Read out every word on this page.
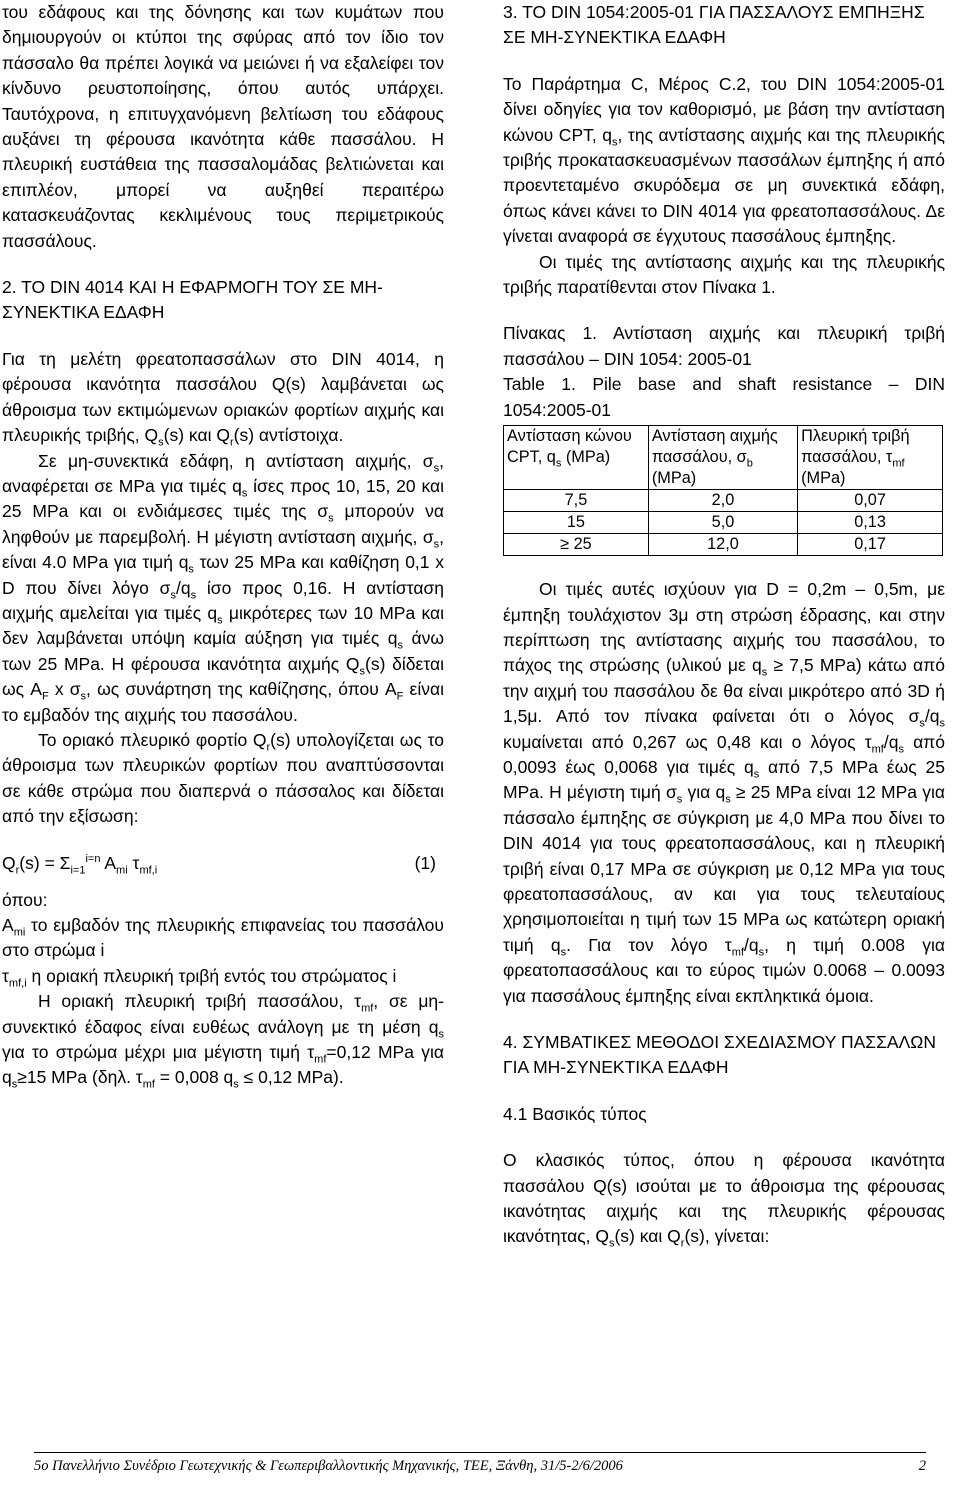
του εδάφους και της δόνησης και των κυμάτων που δημιουργούν οι κτύποι της σφύρας από τον ίδιο τον πάσσαλο θα πρέπει λογικά να μειώνει ή να εξαλείφει τον κίνδυνο ρευστοποίησης, όπου αυτός υπάρχει. Ταυτόχρονα, η επιτυγχανόμενη βελτίωση του εδάφους αυξάνει τη φέρουσα ικανότητα κάθε πασσάλου. Η πλευρική ευστάθεια της πασσαλομάδας βελτιώνεται και επιπλέον, μπορεί να αυξηθεί περαιτέρω κατασκευάζοντας κεκλιμένους τους περιμετρικούς πασσάλους.

2. ΤΟ DIN 4014 ΚΑΙ Η ΕΦΑΡΜΟΓΗ ΤΟΥ ΣΕ ΜΗ-ΣΥΝΕΚΤΙΚΑ ΕΔΑΦΗ

Για τη μελέτη φρεατοπασσάλων στο DIN 4014, η φέρουσα ικανότητα πασσάλου Q(s) λαμβάνεται ως άθροισμα των εκτιμώμενων οριακών φορτίων αιχμής και πλευρικής τριβής, $Q_s(s)$ και $Q_r(s)$ αντίστοιχα.

Σε μη-συνεκτικά εδάφη, η αντίσταση αιχμής, $\sigma_s$, αναφέρεται σε MPa για τιμές $q_s$ ίσες προς 10, 15, 20 και 25 MPa και οι ενδιάμεσες τιμές της $\sigma_s$ μπορούν να ληφθούν με παρεμβολή. Η μέγιστη αντίσταση αιχμής, $\sigma_s$, είναι 4.0 MPa για τιμή $q_s$ των 25 MPa και καθίζηση 0,1 x D που δίνει λόγο $\sigma_s/q_s$ ίσο προς 0,16. Η αντίσταση αιχμής αμελείται για τιμές $q_s$ μικρότερες των 10 MPa και δεν λαμβάνεται υπόψη καμία αύξηση για τιμές $q_s$ άνω των 25 MPa. Η φέρουσα ικανότητα αιχμής $Q_s(s)$ δίδεται ως $A_F$ x $\sigma_s$, ως συνάρτηση της καθίζησης, όπου $A_F$ είναι το εμβαδόν της αιχμής του πασσάλου.

Το οριακό πλευρικό φορτίο $Q_r(s)$ υπολογίζεται ως το άθροισμα των πλευρικών φορτίων που αναπτύσσονται σε κάθε στρώμα που διαπερνά ο πάσσαλος και δίδεται από την εξίσωση:

$Q_r(s) = \Sigma_{i=1}^{i=n}$ $A_{mi}$ $\tau_{mf,i}$	(1)

όπου:

$A_{mi}$ το εμβαδόν της πλευρικής επιφανείας του πασσάλου στο στρώμα i

$\tau_{mf,i}$ η οριακή πλευρική τριβή εντός του στρώματος i

Η οριακή πλευρική τριβή πασσάλου, $\tau_{mf}$, σε μη-συνεκτικό έδαφος είναι ευθέως ανάλογη με τη μέση $q_s$ για το στρώμα μέχρι μια μέγιστη τιμή $\tau_{mf}=0,12$ MPa για $q_s\ge 15$ MPa (δηλ. $\tau_{mf} = 0,008$ $q_s \le 0,12$ MPa).

3. ΤΟ DIN 1054:2005-01 ΓΙΑ ΠΑΣΣΑΛΟΥΣ ΕΜΠΗΞΗΣ ΣΕ ΜΗ-ΣΥΝΕΚΤΙΚΑ ΕΔΑΦΗ

Το Παράρτημα C, Μέρος C.2, του DIN 1054:2005-01 δίνει οδηγίες για τον καθορισμό, με βάση την αντίσταση κώνου CPT, $q_s$, της αντίστασης αιχμής και της πλευρικής τριβής προκατασκευασμένων πασσάλων έμπηξης ή από προεντεταμένο σκυρόδεμα σε μη συνεκτικά εδάφη, όπως κάνει κάνει το DIN 4014 για φρεατοπασσάλους. Δε γίνεται αναφορά σε έγχυτους πασσάλους έμπηξης.

Οι τιμές της αντίστασης αιχμής και της πλευρικής τριβής παρατίθενται στον Πίνακα 1.

Πίνακας 1. Αντίσταση αιχμής και πλευρική τριβή πασσάλου – DIN 1054: 2005-01

Table 1. Pile base and shaft resistance – DIN 1054:2005-01

Αντίσταση κώνου CPT, $q_s$ (MPa)	Αντίσταση αιχμής πασσάλου, $\sigma_b$ (MPa)	Πλευρική τριβή πασσάλου, $\tau_{mf}$ (MPa)
7,5	2,0	0,07
15	5,0	0,13
≥ 25	12,0	0,17

Οι τιμές αυτές ισχύουν για D = 0,2m – 0,5m, με έμπηξη τουλάχιστον 3μ στη στρώση έδρασης, και στην περίπτωση της αντίστασης αιχμής του πασσάλου, το πάχος της στρώσης (υλικού με $q_s \ge 7,5$ MPa) κάτω από την αιχμή του πασσάλου δε θα είναι μικρότερο από 3D ή 1,5μ. Από τον πίνακα φαίνεται ότι ο λόγος $\sigma_s/q_s$ κυμαίνεται από 0,267 ως 0,48 και ο λόγος $\tau_{mf}/q_s$ από 0,0093 έως 0,0068 για τιμές $q_s$ από 7,5 MPa έως 25 MPa. Η μέγιστη τιμή $\sigma_s$ για $q_s \ge 25$ MPa είναι 12 MPa για πάσσαλο έμπηξης σε σύγκριση με 4,0 MPa που δίνει το DIN 4014 για τους φρεατοπασσάλους, και η πλευρική τριβή είναι 0,17 MPa σε σύγκριση με 0,12 MPa για τους φρεατοπασσάλους, αν και για τους τελευταίους χρησιμοποιείται η τιμή των 15 MPa ως κατώτερη οριακή τιμή $q_s$. Για τον λόγο $\tau_{mf}/q_s$, η τιμή 0.008 για φρεατοπασσάλους και το εύρος τιμών 0.0068 – 0.0093 για πασσάλους έμπηξης είναι εκπληκτικά όμοια.

4. ΣΥΜΒΑΤΙΚΕΣ ΜΕΘΟΔΟΙ ΣΧΕΔΙΑΣΜΟΥ ΠΑΣΣΑΛΩΝ ΓΙΑ ΜΗ-ΣΥΝΕΚΤΙΚΑ ΕΔΑΦΗ
4.1 Βασικός τύπος

Ο κλασικός τύπος, όπου η φέρουσα ικανότητα πασσάλου Q(s) ισούται με το άθροισμα της φέρουσας ικανότητας αιχμής και της πλευρικής φέρουσας ικανότητας, $Q_s(s)$ και $Q_r(s)$, γίνεται:

5ο Πανελλήνιο Συνέδριο Γεωτεχνικής & Γεωπεριβαλλοντικής Μηχανικής, ΤΕΕ, Ξάνθη, 31/5-2/6/2006	2
